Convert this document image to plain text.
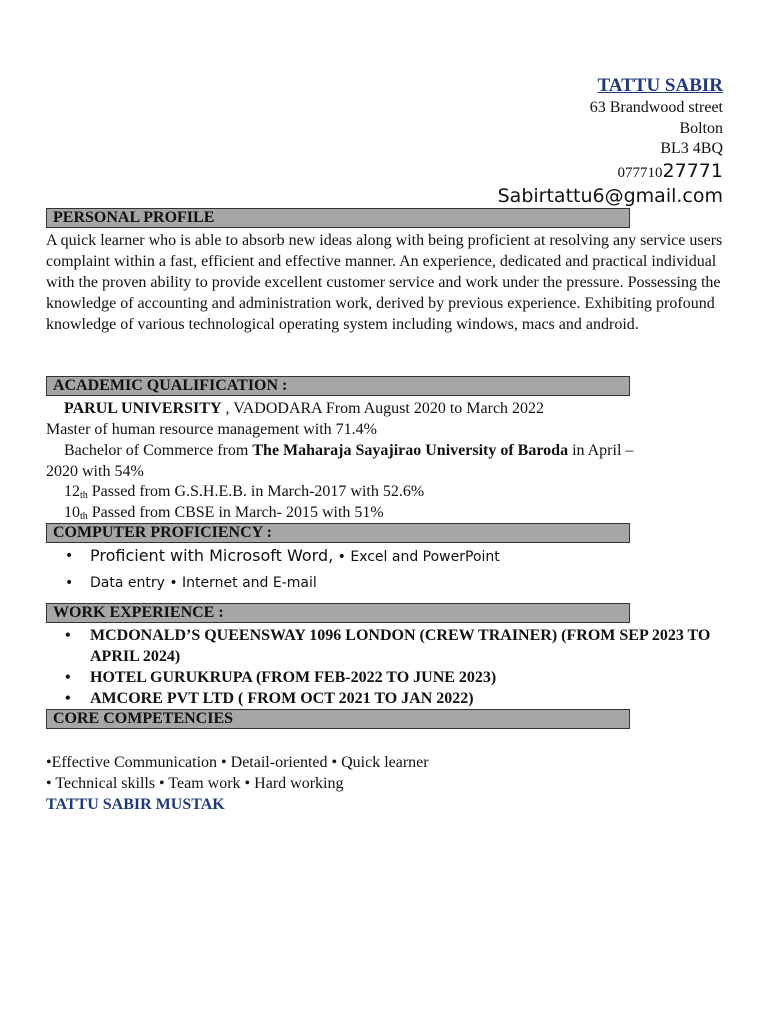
TATTU SABIR
63 Brandwood street
Bolton
BL3 4BQ
07771027771
Sabirtattu6@gmail.com
PERSONAL PROFILE
A quick learner who is able to absorb new ideas along with being proficient at resolving any service users complaint within a fast, efficient and effective manner. An experience, dedicated and practical individual with the proven ability to provide excellent customer service and work under the pressure. Possessing the knowledge of accounting and administration work, derived by previous experience. Exhibiting profound knowledge of various technological operating system including windows, macs and android.
ACADEMIC QUALIFICATION :
PARUL UNIVERSITY , VADODARA From August 2020 to March 2022
Master of human resource management with 71.4%
Bachelor of Commerce from The Maharaja Sayajirao University of Baroda in April –
2020 with 54%
$12_{th}$ Passed from G.S.H.E.B. in March-2017 with 52.6%
$10_{th}$ Passed from CBSE in March- 2015 with 51%
COMPUTER PROFICIENCY :
• Proficient with Microsoft Word, • Excel and PowerPoint
• Data entry • Internet and E-mail
WORK EXPERIENCE :
• MCDONALD’S QUEENSWAY 1096 LONDON (CREW TRAINER) (FROM SEP 2023 TO APRIL 2024)
• HOTEL GURUKRUPA (FROM FEB-2022 TO JUNE 2023)
• AMCORE PVT LTD ( FROM OCT 2021 TO JAN 2022)
CORE COMPETENCIES
•Effective Communication • Detail-oriented • Quick learner
• Technical skills • Team work • Hard working
TATTU SABIR MUSTAK
